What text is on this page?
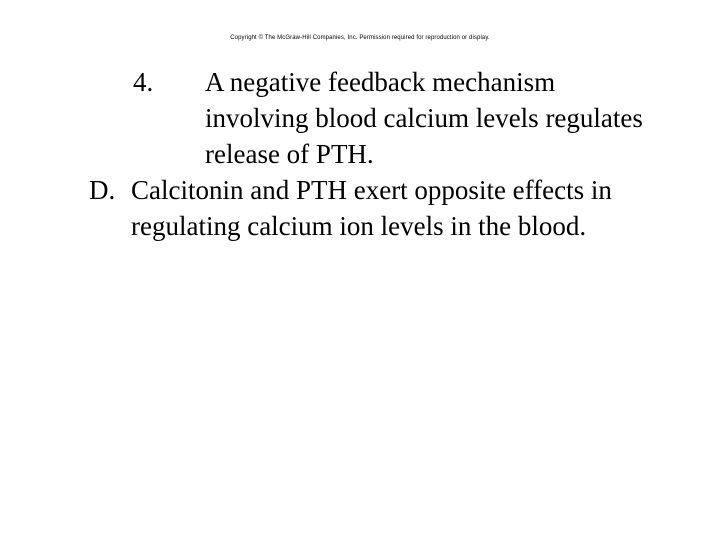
Copyright © The McGraw-Hill Companies, Inc. Permission required for reproduction or display.
4. A negative feedback mechanism
involving blood calcium levels regulates
release of PTH.
D. Calcitonin and PTH exert opposite effects in
regulating calcium ion levels in the blood.
